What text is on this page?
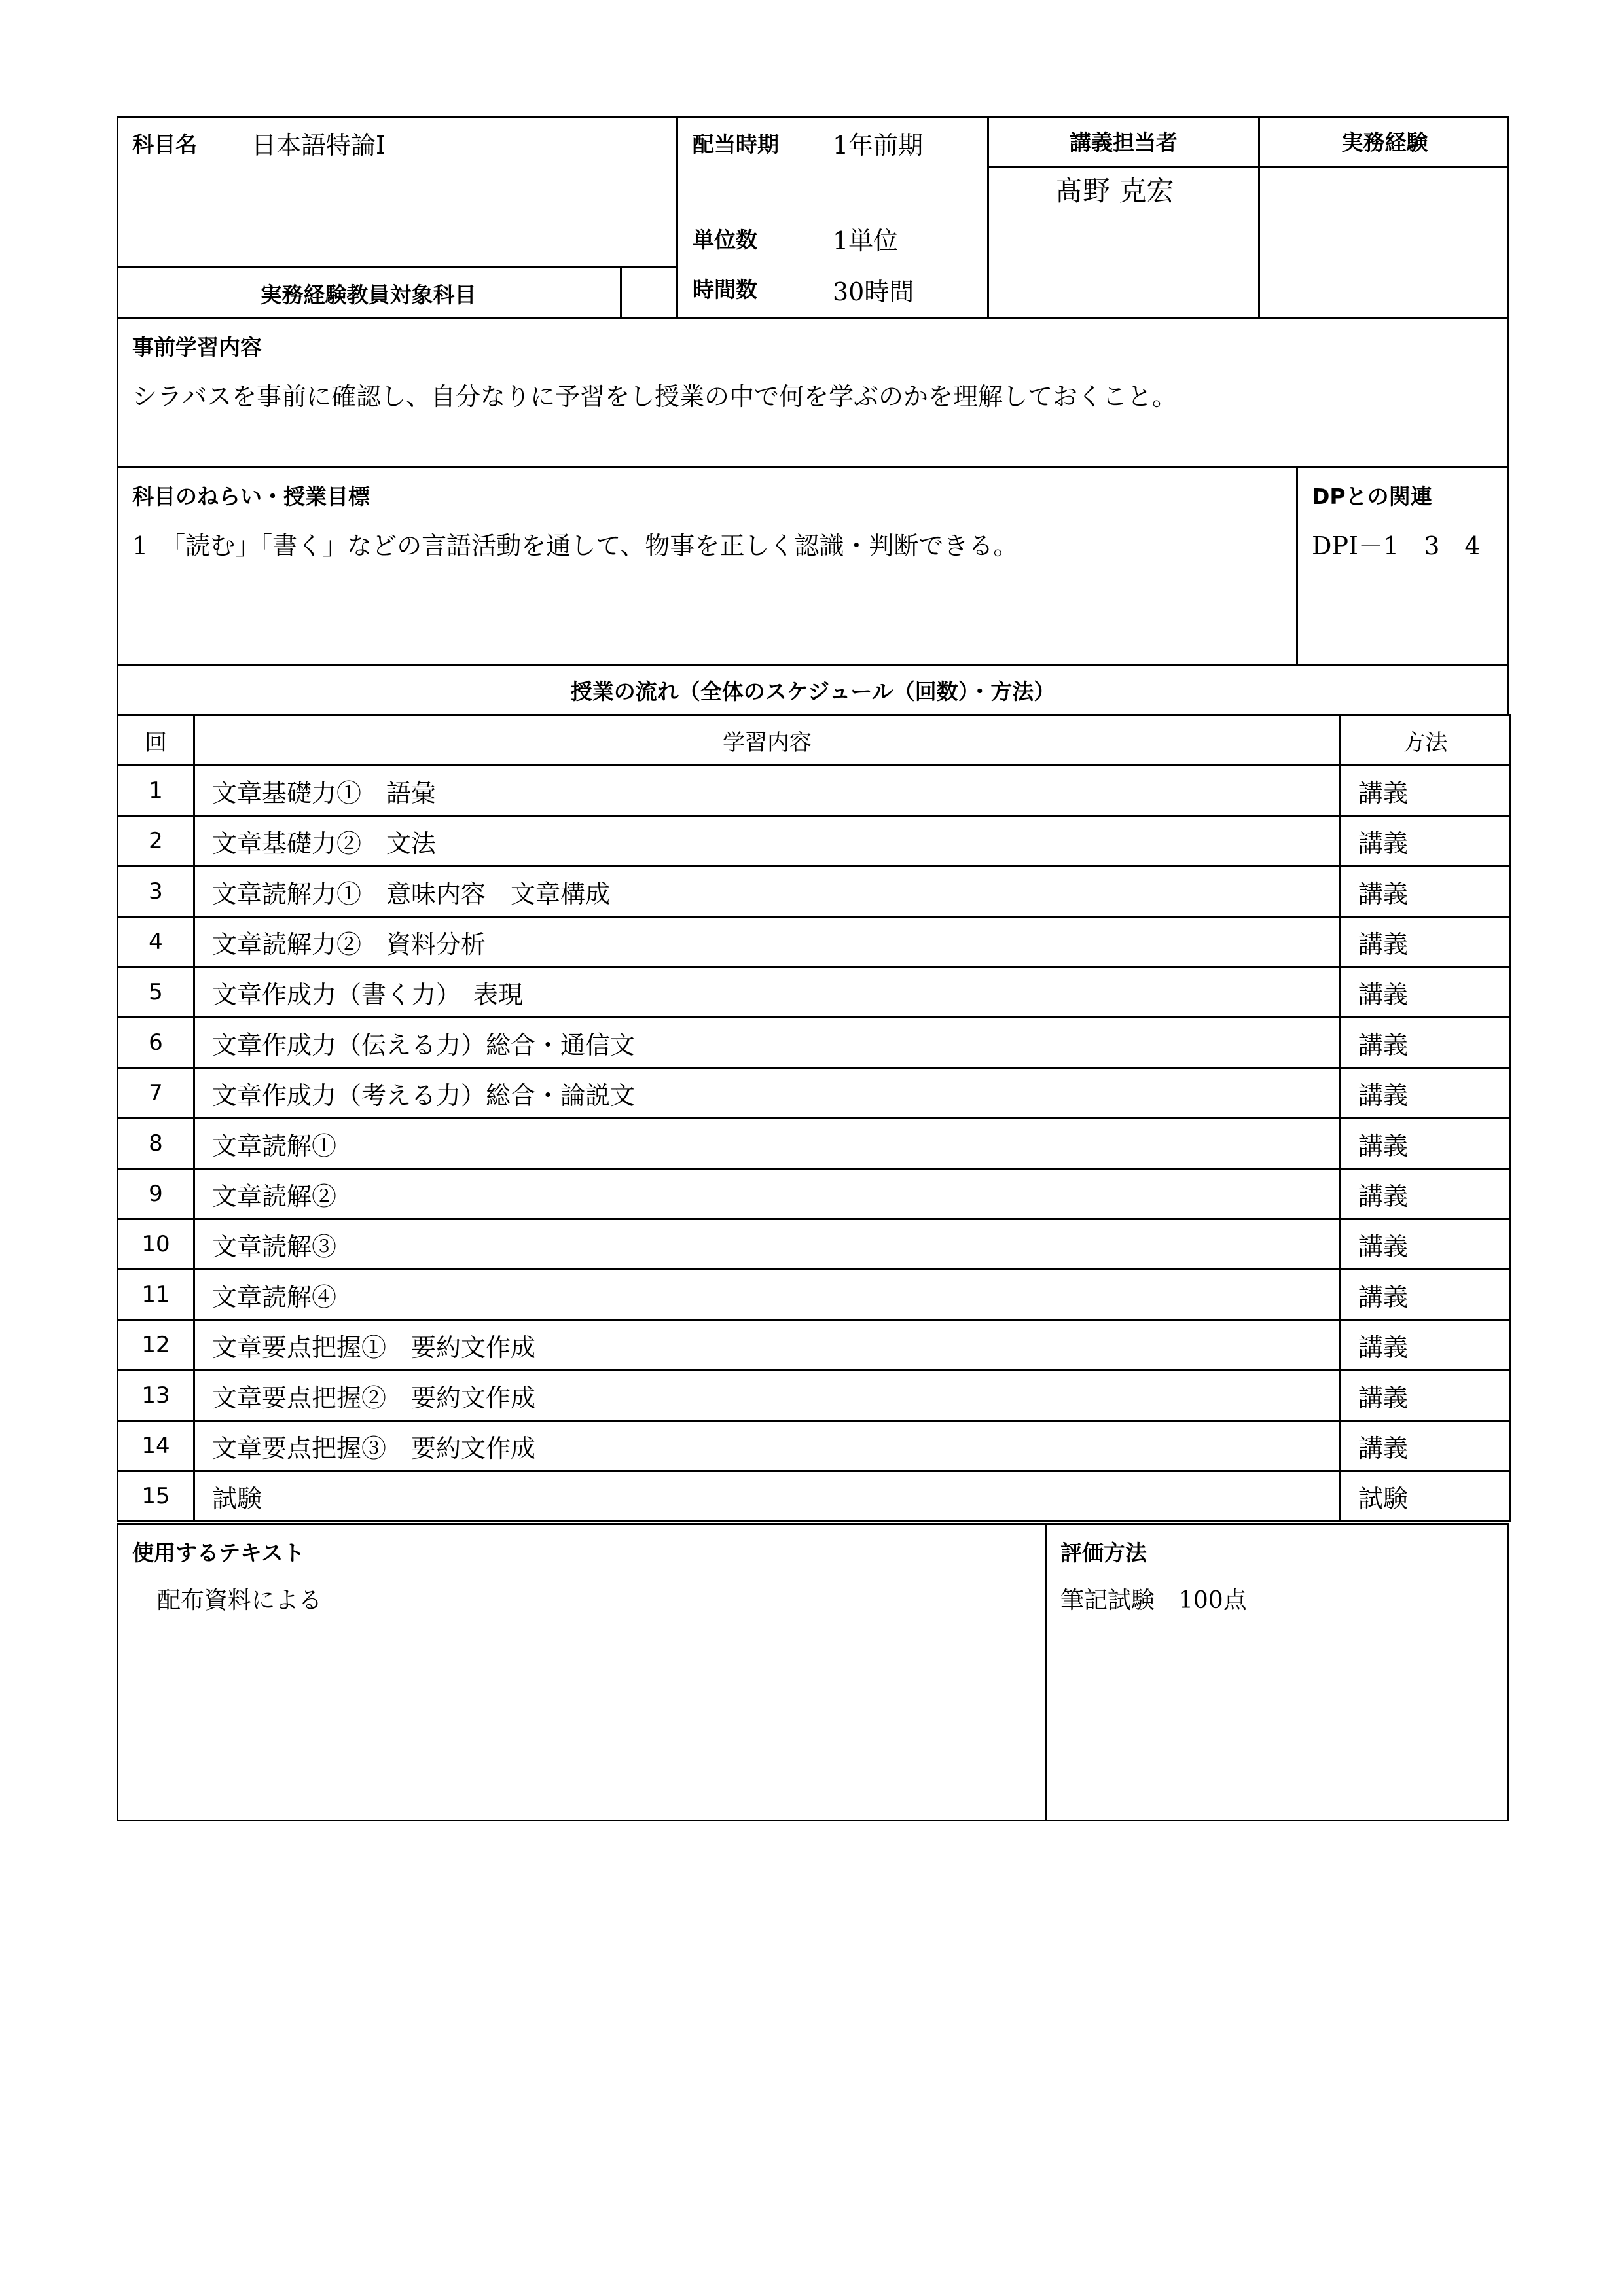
科目名 日本語特論Ⅰ
実務経験教員対象科目
配当時期 1年前期
単位数	1単位
時間数	30時間
講義担当者
髙野 克宏
実務経験
事前学習内容
シラバスを事前に確認し、自分なりに予習をし授業の中で何を学ぶのかを理解しておくこと。
科目のねらい・授業目標
1　「読む」「書く」などの言語活動を通して、物事を正しく認識・判断できる。
DPとの関連
DPⅠ－1　3　4
授業の流れ（全体のスケジュール（回数）・方法）
回	学習内容	方法
1	文章基礎力①　語彙	講義
2	文章基礎力②　文法	講義
3	文章読解力①　意味内容　文章構成	講義
4	文章読解力②　資料分析	講義
5	文章作成力（書く力）　表現	講義
6	文章作成力（伝える力）総合・通信文	講義
7	文章作成力（考える力）総合・論説文	講義
8	文章読解①	講義
9	文章読解②	講義
10	文章読解③	講義
11	文章読解④	講義
12	文章要点把握①　要約文作成	講義
13	文章要点把握②　要約文作成	講義
14	文章要点把握③　要約文作成	講義
15	試験	試験
使用するテキスト
配布資料による
評価方法
筆記試験　100点
